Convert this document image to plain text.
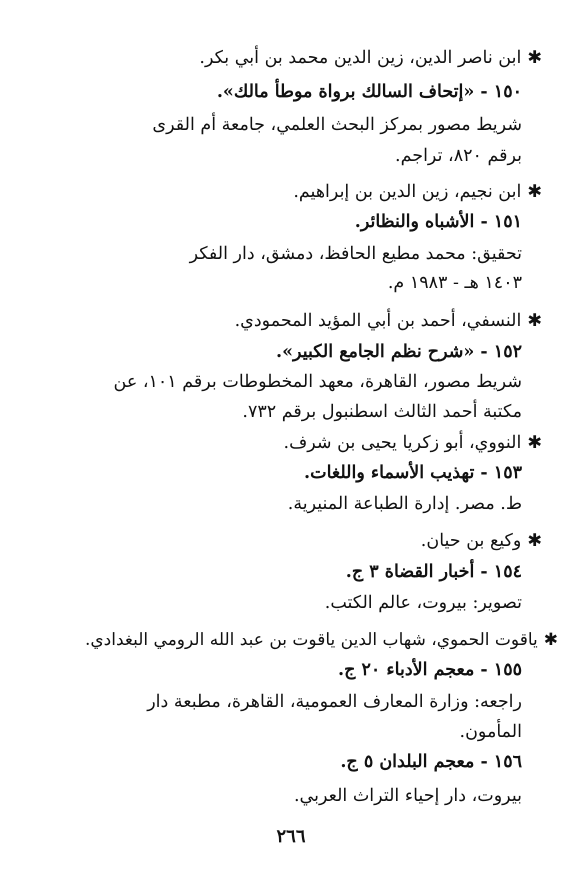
✱ابن ناصر الدين، زين الدين محمد بن أبي بكر.
١٥٠ - «إتحاف السالك برواة موطأ مالك».
شريط مصور بمركز البحث العلمي، جامعة أم القرى
برقم ٨٢٠، تراجم.
✱ابن نجيم، زين الدين بن إبراهيم.
١٥١ - الأشباه والنظائر.
تحقيق: محمد مطيع الحافظ، دمشق، دار الفكر
١٤٠٣ هـ - ١٩٨٣ م.
✱النسفي، أحمد بن أبي المؤيد المحمودي.
١٥٢ - «شرح نظم الجامع الكبير».
شريط مصور، القاهرة، معهد المخطوطات برقم ١٠١، عن
مكتبة أحمد الثالث اسطنبول برقم ٧٣٢.
✱النووي، أبو زكريا يحيى بن شرف.
١٥٣ - تهذيب الأسماء واللغات.
ط. مصر. إدارة الطباعة المنيرية.
✱وكيع بن حيان.
١٥٤ - أخبار القضاة ٣ ج.
تصوير: بيروت، عالم الكتب.
✱ياقوت الحموي، شهاب الدين ياقوت بن عبد الله الرومي البغدادي.
١٥٥ - معجم الأدباء ٢٠ ج.
راجعه: وزارة المعارف العمومية، القاهرة، مطبعة دار
المأمون.
١٥٦ - معجم البلدان ٥ ج.
بيروت، دار إحياء التراث العربي.
٢٦٦
